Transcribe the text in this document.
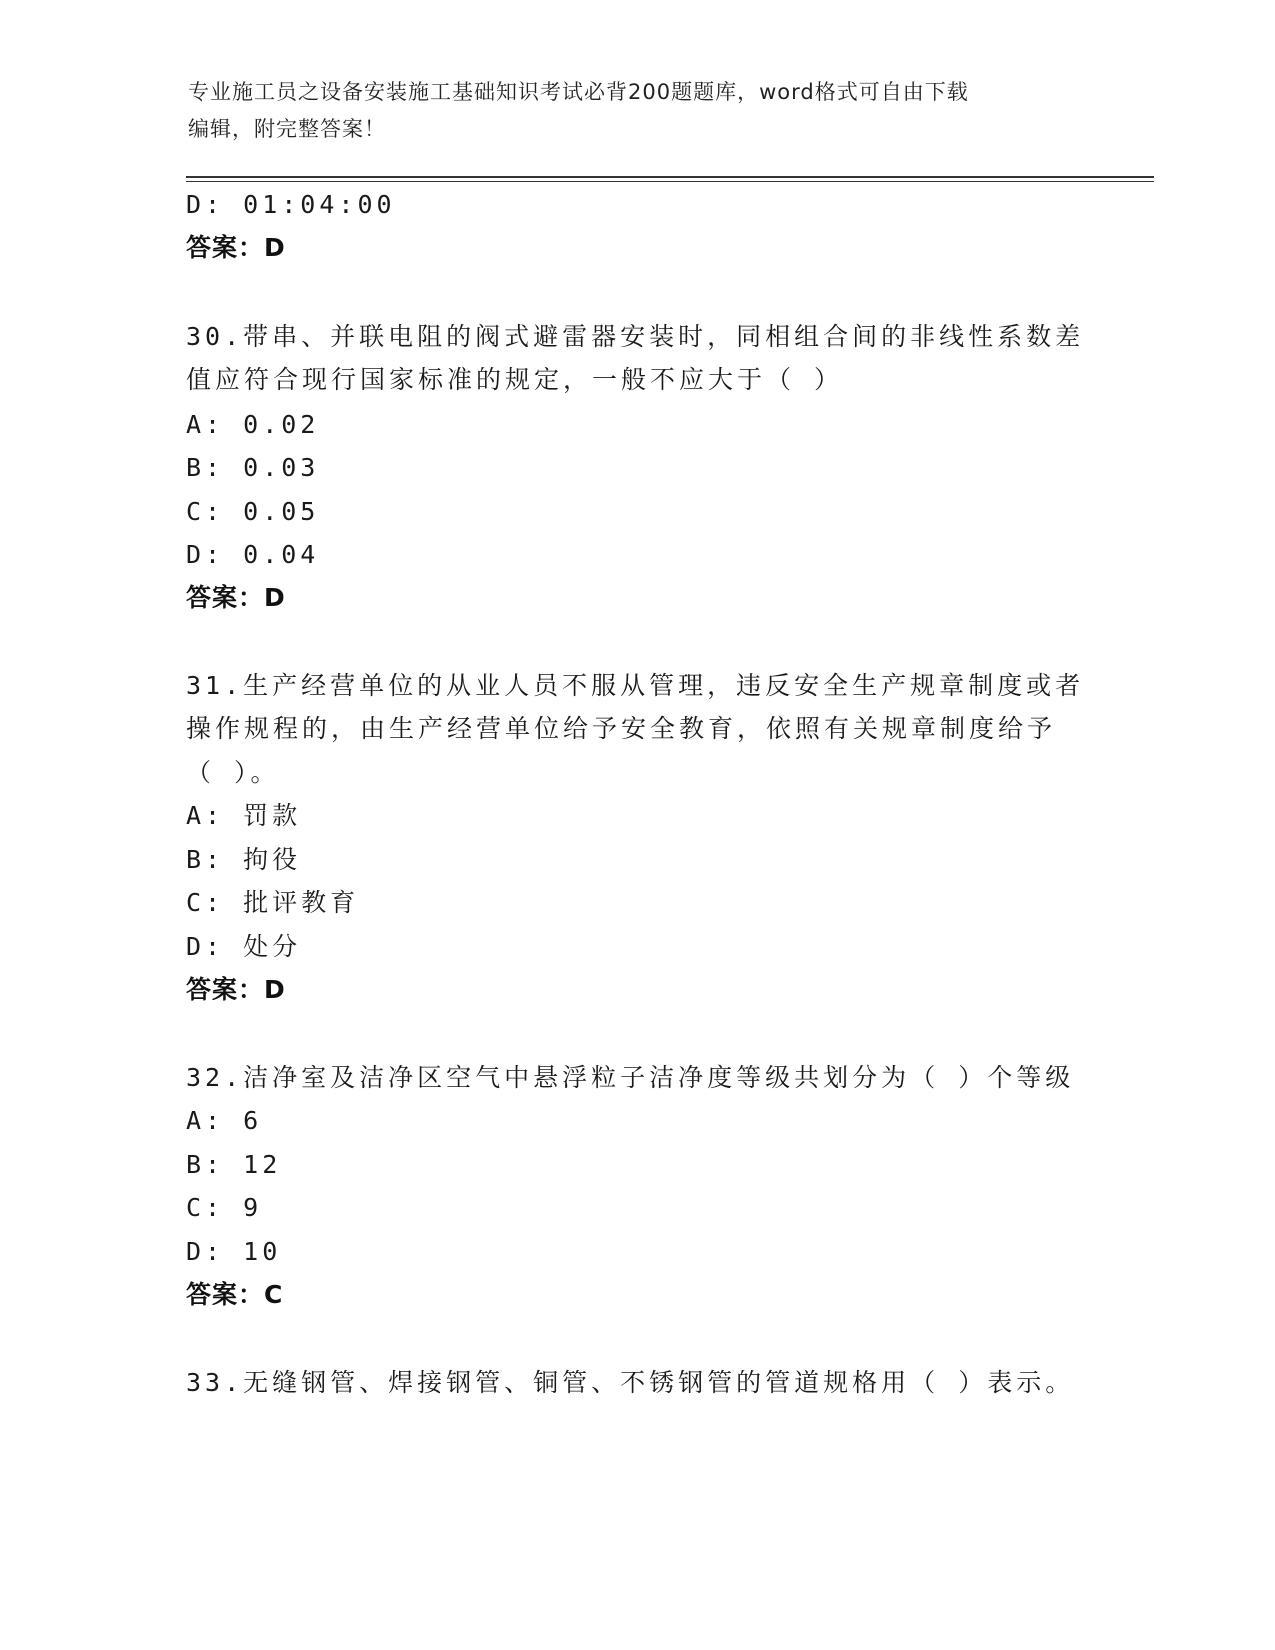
专业施工员之设备安装施工基础知识考试必背200题题库，word格式可自由下载
编辑，附完整答案！
D: 01:04:00
答案：D
30.带串、并联电阻的阀式避雷器安装时，同相组合间的非线性系数差
值应符合现行国家标准的规定，一般不应大于（ ）
A: 0.02
B: 0.03
C: 0.05
D: 0.04
答案：D
31.生产经营单位的从业人员不服从管理，违反安全生产规章制度或者
操作规程的，由生产经营单位给予安全教育，依照有关规章制度给予
（ ）。
A: 罚款
B: 拘役
C: 批评教育
D: 处分
答案：D
32.洁净室及洁净区空气中悬浮粒子洁净度等级共划分为（ ）个等级
A: 6
B: 12
C: 9
D: 10
答案：C
33.无缝钢管、焊接钢管、铜管、不锈钢管的管道规格用（ ）表示。
